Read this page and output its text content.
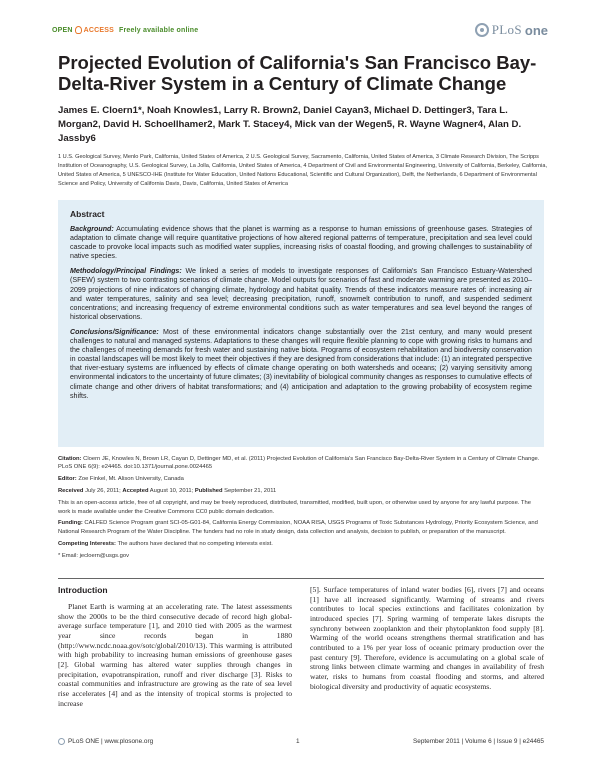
OPEN ACCESS Freely available online	PLoS one
Projected Evolution of California's San Francisco Bay-Delta-River System in a Century of Climate Change
James E. Cloern1*, Noah Knowles1, Larry R. Brown2, Daniel Cayan3, Michael D. Dettinger3, Tara L. Morgan2, David H. Schoellhamer2, Mark T. Stacey4, Mick van der Wegen5, R. Wayne Wagner4, Alan D. Jassby6
1 U.S. Geological Survey, Menlo Park, California, United States of America, 2 U.S. Geological Survey, Sacramento, California, United States of America, 3 Climate Research Division, The Scripps Institution of Oceanography, U.S. Geological Survey, La Jolla, California, United States of America, 4 Department of Civil and Environmental Engineering, University of California, Berkeley, California, United States of America, 5 UNESCO-IHE (Institute for Water Education, United Nations Educational, Scientific and Cultural Organization), Delft, the Netherlands, 6 Department of Environmental Science and Policy, University of California Davis, Davis, California, United States of America
Abstract

Background: Accumulating evidence shows that the planet is warming as a response to human emissions of greenhouse gases. Strategies of adaptation to climate change will require quantitative projections of how altered regional patterns of temperature, precipitation and sea level could cascade to provoke local impacts such as modified water supplies, increasing risks of coastal flooding, and growing challenges to sustainability of native species.

Methodology/Principal Findings: We linked a series of models to investigate responses of California's San Francisco Estuary-Watershed (SFEW) system to two contrasting scenarios of climate change. Model outputs for scenarios of fast and moderate warming are presented as 2010–2099 projections of nine indicators of changing climate, hydrology and habitat quality. Trends of these indicators measure rates of: increasing air and water temperatures, salinity and sea level; decreasing precipitation, runoff, snowmelt contribution to runoff, and suspended sediment concentrations; and increasing frequency of extreme environmental conditions such as water temperatures and sea level beyond the ranges of historical observations.

Conclusions/Significance: Most of these environmental indicators change substantially over the 21st century, and many would present challenges to natural and managed systems. Adaptations to these changes will require flexible planning to cope with growing risks to humans and the challenges of meeting demands for fresh water and sustaining native biota. Programs of ecosystem rehabilitation and biodiversity conservation in coastal landscapes will be most likely to meet their objectives if they are designed from considerations that include: (1) an integrated perspective that river-estuary systems are influenced by effects of climate change operating on both watersheds and oceans; (2) varying sensitivity among environmental indicators to the uncertainty of future climates; (3) inevitability of biological community changes as responses to cumulative effects of climate change and other drivers of habitat transformations; and (4) anticipation and adaptation to the growing probability of ecosystem regime shifts.

Citation: Cloern JE, Knowles N, Brown LR, Cayan D, Dettinger MD, et al. (2011) Projected Evolution of California's San Francisco Bay-Delta-River System in a Century of Climate Change. PLoS ONE 6(9): e24465. doi:10.1371/journal.pone.0024465

Editor: Zoe Finkel, Mt. Alison University, Canada

Received July 26, 2011; Accepted August 10, 2011; Published September 21, 2011

This is an open-access article, free of all copyright, and may be freely reproduced, distributed, transmitted, modified, built upon, or otherwise used by anyone for any lawful purpose. The work is made available under the Creative Commons CC0 public domain dedication.

Funding: CALFED Science Program grant SCI-05-G01-84, California Energy Commission, NOAA RISA, USGS Programs of Toxic Substances Hydrology, Priority Ecosystem Science, and National Research Program of the Water Discipline. The funders had no role in study design, data collection and analysis, decision to publish, or preparation of the manuscript.

Competing Interests: The authors have declared that no competing interests exist.

* Email: jecloern@usgs.gov

Introduction
Planet Earth is warming at an accelerating rate. The latest assessments show the 2000s to be the third consecutive decade of record high global-average surface temperature [1], and 2010 tied with 2005 as the warmest year since records began in 1880 (http://www.ncdc.noaa.gov/sotc/global/2010/13). This warming is attributed with high probability to increasing human emissions of greenhouse gases [2]. Global warming has altered water supplies through changes in precipitation, evapotranspiration, runoff and river discharge [3]. Risks to coastal communities and infrastructure are growing as the rate of sea level rise accelerates [4] and as the intensity of tropical storms is projected to increase
[5]. Surface temperatures of inland water bodies [6], rivers [7] and oceans [1] have all increased significantly. Warming of streams and rivers contributes to local species extinctions and facilitates colonization by introduced species [7]. Spring warming of temperate lakes disrupts the synchrony between zooplankton and their phytoplankton food supply [8]. Warming of the world oceans strengthens thermal stratification and has contributed to a 1% per year loss of oceanic primary production over the past century [9]. Therefore, evidence is accumulating on a global scale of strong links between climate warming and changes in availability of fresh water, risks to humans from coastal flooding and storms, and altered biological diversity and productivity of aquatic ecosystems.
PLoS ONE | www.plosone.org	1	September 2011 | Volume 6 | Issue 9 | e24465
